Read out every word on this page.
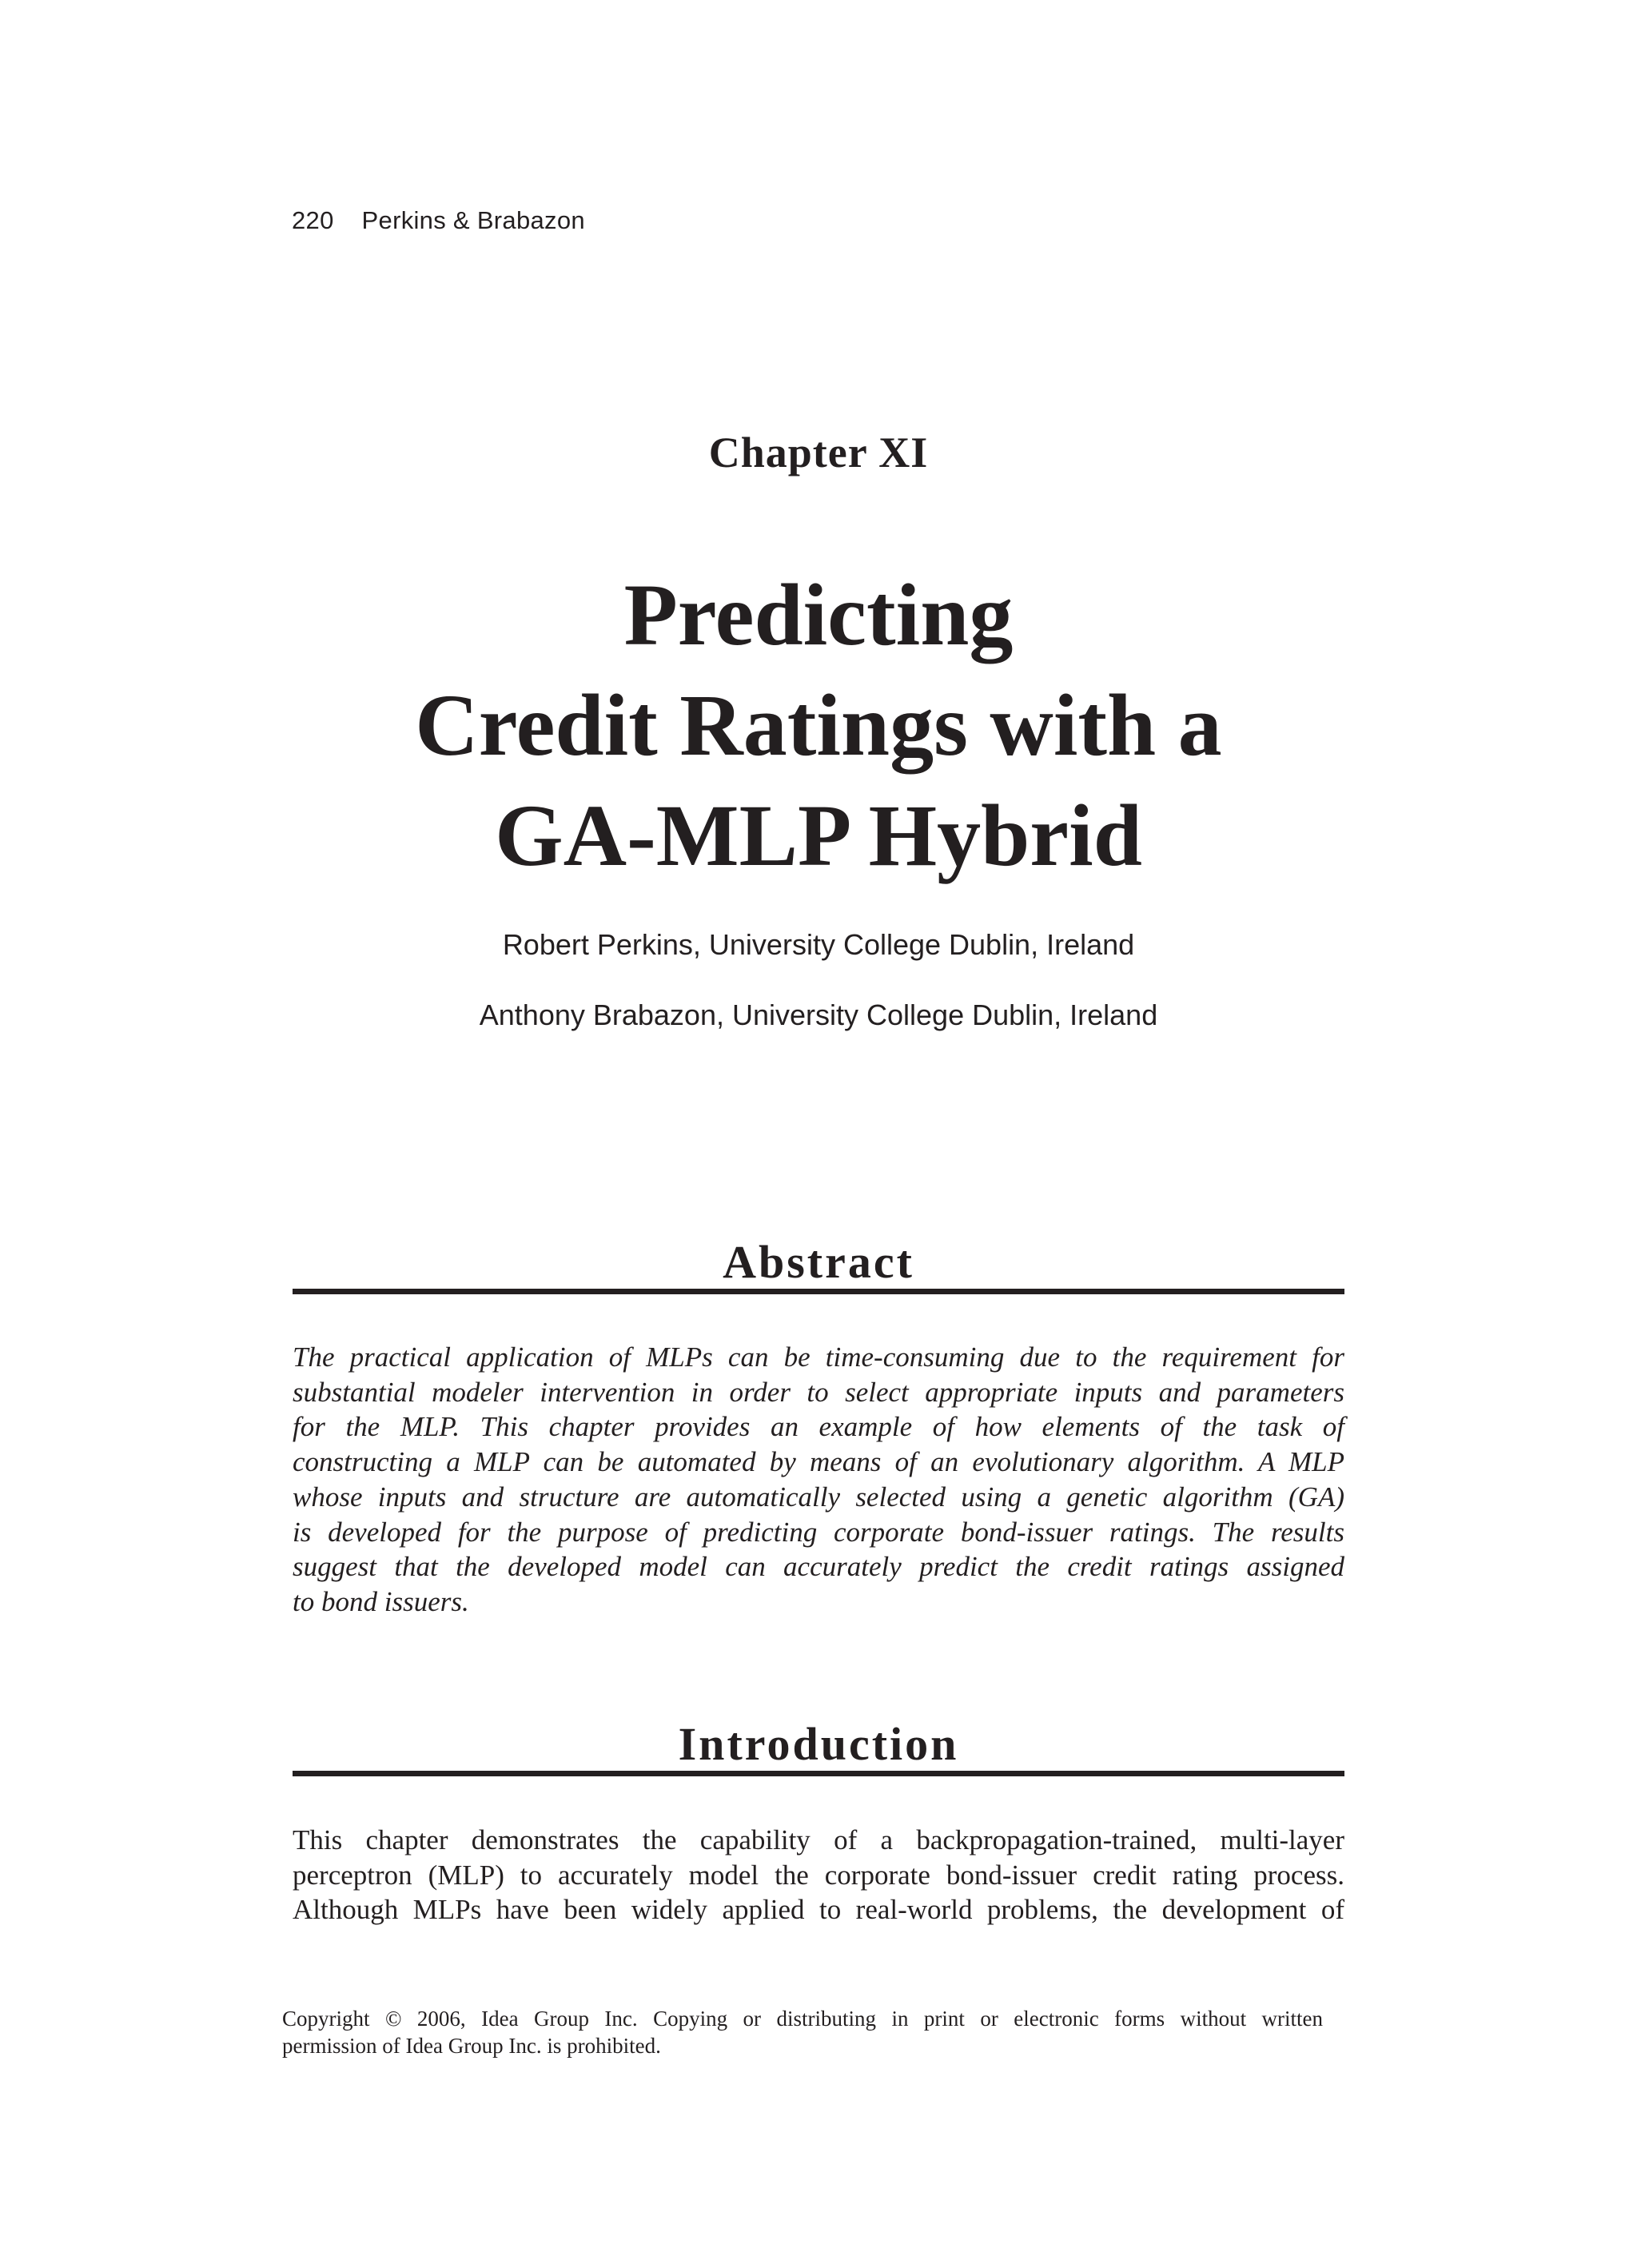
220 Perkins & Brabazon
Chapter XI
Predicting
Credit Ratings with a
GA-MLP Hybrid
Robert Perkins, University College Dublin, Ireland
Anthony Brabazon, University College Dublin, Ireland
Abstract

The practical application of MLPs can be time-consuming due to the requirement for
substantial modeler intervention in order to select appropriate inputs and parameters
for the MLP. This chapter provides an example of how elements of the task of
constructing a MLP can be automated by means of an evolutionary algorithm. A MLP
whose inputs and structure are automatically selected using a genetic algorithm (GA)
is developed for the purpose of predicting corporate bond-issuer ratings. The results
suggest that the developed model can accurately predict the credit ratings assigned
to bond issuers.

Introduction

This chapter demonstrates the capability of a backpropagation-trained, multi-layer
perceptron (MLP) to accurately model the corporate bond-issuer credit rating process.
Although MLPs have been widely applied to real-world problems, the development of

Copyright © 2006, Idea Group Inc. Copying or distributing in print or electronic forms without written
permission of Idea Group Inc. is prohibited.
